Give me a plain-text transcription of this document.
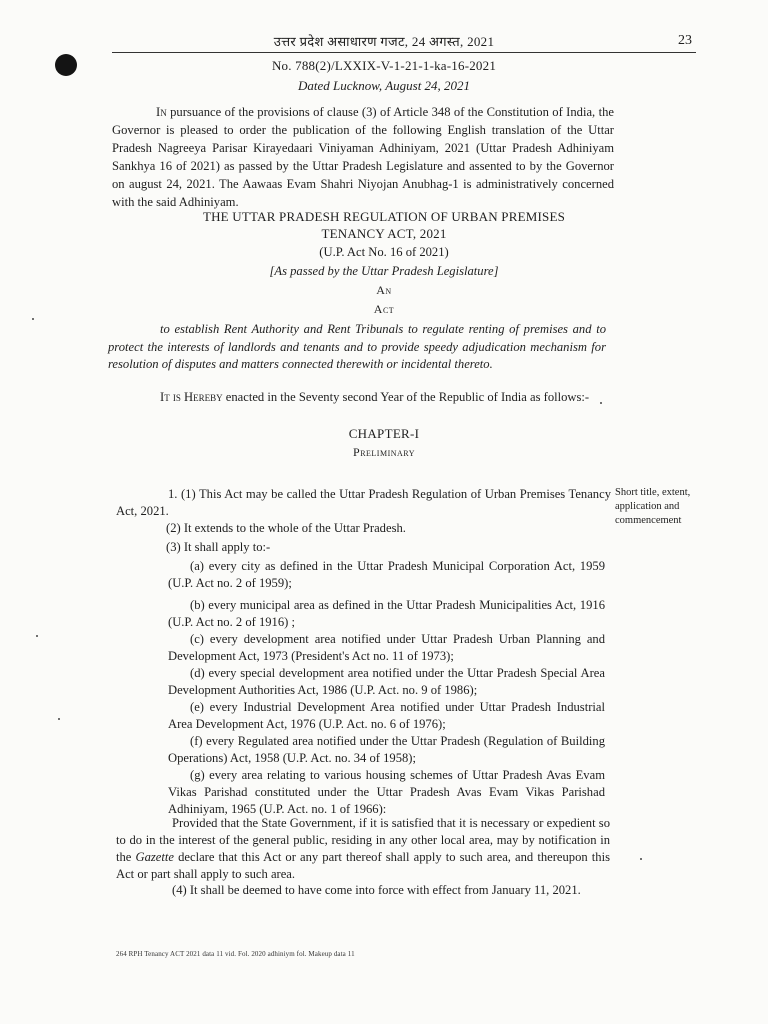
उत्तर प्रदेश असाधारण गजट, 24 अगस्त, 2021	23
No. 788(2)/LXXIX-V-1-21-1-ka-16-2021
Dated Lucknow, August 24, 2021
In pursuance of the provisions of clause (3) of Article 348 of the Constitution of India, the Governor is pleased to order the publication of the following English translation of the Uttar Pradesh Nagreeya Parisar Kirayedaari Viniyaman Adhiniyam, 2021 (Uttar Pradesh Adhiniyam Sankhya 16 of 2021) as passed by the Uttar Pradesh Legislature and assented to by the Governor on august 24, 2021. The Aawaas Evam Shahri Niyojan Anubhag-1 is administratively concerned with the said Adhiniyam.
THE UTTAR PRADESH REGULATION OF URBAN PREMISES
TENANCY ACT, 2021
(U.P. Act No. 16 of 2021)
[As passed by the Uttar Pradesh Legislature]
An
Act
to establish Rent Authority and Rent Tribunals to regulate renting of premises and to protect the interests of landlords and tenants and to provide speedy adjudication mechanism for resolution of disputes and matters connected therewith or incidental thereto.
It is Hereby enacted in the Seventy second Year of the Republic of India as follows:-
CHAPTER-I
Preliminary
1. (1) This Act may be called the Uttar Pradesh Regulation of Urban Premises Tenancy Act, 2021.
Short title, extent, application and commencement
(2) It extends to the whole of the Uttar Pradesh.
(3) It shall apply to:-
(a) every city as defined in the Uttar Pradesh Municipal Corporation Act, 1959 (U.P. Act no. 2 of 1959);
(b) every municipal area as defined in the Uttar Pradesh Municipalities Act, 1916 (U.P. Act no. 2 of 1916) ;
(c) every development area notified under Uttar Pradesh Urban Planning and Development Act, 1973 (President's Act no. 11 of 1973);
(d) every special development area notified under the Uttar Pradesh Special Area Development Authorities Act, 1986 (U.P. Act. no. 9 of 1986);
(e) every Industrial Development Area notified under Uttar Pradesh Industrial Area Development Act, 1976 (U.P. Act. no. 6 of 1976);
(f) every Regulated area notified under the Uttar Pradesh (Regulation of Building Operations) Act, 1958 (U.P. Act. no. 34 of 1958);
(g) every area relating to various housing schemes of Uttar Pradesh Avas Evam Vikas Parishad constituted under the Uttar Pradesh Avas Evam Vikas Parishad Adhiniyam, 1965 (U.P. Act. no. 1 of 1966):
Provided that the State Government, if it is satisfied that it is necessary or expedient so to do in the interest of the general public, residing in any other local area, may by notification in the Gazette declare that this Act or any part thereof shall apply to such area, and thereupon this Act or part shall apply to such area.
(4) It shall be deemed to have come into force with effect from January 11, 2021.
264 RPH Tenancy ACT 2021 data 11 vid. Fol. 2020 adhiniym fol. Makeup data 11
